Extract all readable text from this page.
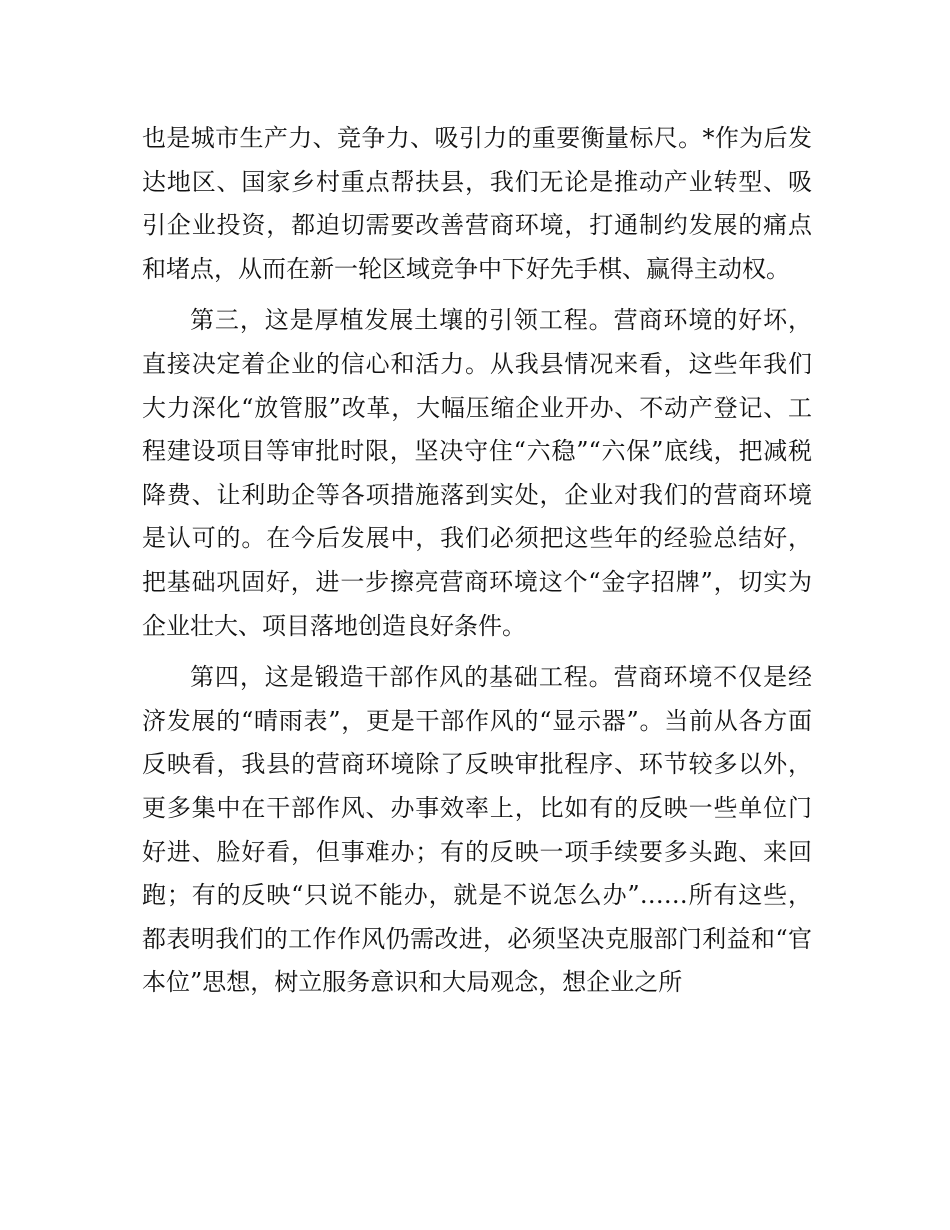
也是城市生产力、竞争力、吸引力的重要衡量标尺。*作为后发达地区、国家乡村重点帮扶县，我们无论是推动产业转型、吸引企业投资，都迫切需要改善营商环境，打通制约发展的痛点和堵点，从而在新一轮区域竞争中下好先手棋、赢得主动权。

第三，这是厚植发展土壤的引领工程。营商环境的好坏，直接决定着企业的信心和活力。从我县情况来看，这些年我们大力深化“放管服”改革，大幅压缩企业开办、不动产登记、工程建设项目等审批时限，坚决守住“六稳”“六保”底线，把减税降费、让利助企等各项措施落到实处，企业对我们的营商环境是认可的。在今后发展中，我们必须把这些年的经验总结好，把基础巩固好，进一步擦亮营商环境这个“金字招牌”，切实为企业壮大、项目落地创造良好条件。

第四，这是锻造干部作风的基础工程。营商环境不仅是经济发展的“晴雨表”，更是干部作风的“显示器”。当前从各方面反映看，我县的营商环境除了反映审批程序、环节较多以外，更多集中在干部作风、办事效率上，比如有的反映一些单位门好进、脸好看，但事难办；有的反映一项手续要多头跑、来回跑；有的反映“只说不能办，就是不说怎么办”……所有这些，都表明我们的工作作风仍需改进，必须坚决克服部门利益和“官本位”思想，树立服务意识和大局观念，想企业之所
